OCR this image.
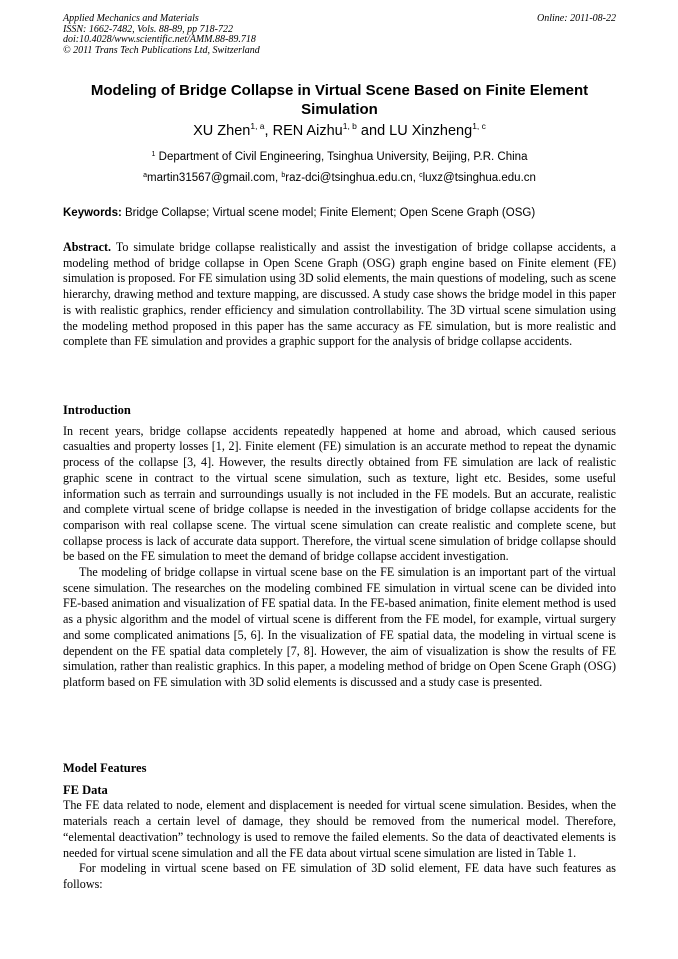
Applied Mechanics and Materials
ISSN: 1662-7482, Vols. 88-89, pp 718-722
doi:10.4028/www.scientific.net/AMM.88-89.718
© 2011 Trans Tech Publications Ltd, Switzerland
Online: 2011-08-22
Modeling of Bridge Collapse in Virtual Scene Based on Finite Element Simulation
XU Zhen$^{1, a}$, REN Aizhu$^{1, b}$ and LU Xinzheng$^{1, c}$
$^1$ Department of Civil Engineering, Tsinghua University, Beijing, P.R. China
$^a$martin31567@gmail.com, $^b$raz-dci@tsinghua.edu.cn, $^c$luxz@tsinghua.edu.cn
Keywords: Bridge Collapse; Virtual scene model; Finite Element; Open Scene Graph (OSG)

Abstract. To simulate bridge collapse realistically and assist the investigation of bridge collapse accidents, a modeling method of bridge collapse in Open Scene Graph (OSG) graph engine based on Finite element (FE) simulation is proposed. For FE simulation using 3D solid elements, the main questions of modeling, such as scene hierarchy, drawing method and texture mapping, are discussed. A study case shows the bridge model in this paper is with realistic graphics, render efficiency and simulation controllability. The 3D virtual scene simulation using the modeling method proposed in this paper has the same accuracy as FE simulation, but is more realistic and complete than FE simulation and provides a graphic support for the analysis of bridge collapse accidents.

Introduction

In recent years, bridge collapse accidents repeatedly happened at home and abroad, which caused serious casualties and property losses [1, 2]. Finite element (FE) simulation is an accurate method to repeat the dynamic process of the collapse [3, 4]. However, the results directly obtained from FE simulation are lack of realistic graphic scene in contract to the virtual scene simulation, such as texture, light etc. Besides, some useful information such as terrain and surroundings usually is not included in the FE models. But an accurate, realistic and complete virtual scene of bridge collapse is needed in the investigation of bridge collapse accidents for the comparison with real collapse scene. The virtual scene simulation can create realistic and complete scene, but collapse process is lack of accurate data support. Therefore, the virtual scene simulation of bridge collapse should be based on the FE simulation to meet the demand of bridge collapse accident investigation.

The modeling of bridge collapse in virtual scene base on the FE simulation is an important part of the virtual scene simulation. The researches on the modeling combined FE simulation in virtual scene can be divided into FE-based animation and visualization of FE spatial data. In the FE-based animation, finite element method is used as a physic algorithm and the model of virtual scene is different from the FE model, for example, virtual surgery and some complicated animations [5, 6]. In the visualization of FE spatial data, the modeling in virtual scene is dependent on the FE spatial data completely [7, 8]. However, the aim of visualization is show the results of FE simulation, rather than realistic graphics. In this paper, a modeling method of bridge on Open Scene Graph (OSG) platform based on FE simulation with 3D solid elements is discussed and a study case is presented.

Model Features

FE Data

The FE data related to node, element and displacement is needed for virtual scene simulation. Besides, when the materials reach a certain level of damage, they should be removed from the numerical model. Therefore, “elemental deactivation” technology is used to remove the failed elements. So the data of deactivated elements is needed for virtual scene simulation and all the FE data about virtual scene simulation are listed in Table 1.

For modeling in virtual scene based on FE simulation of 3D solid element, FE data have such features as follows:
